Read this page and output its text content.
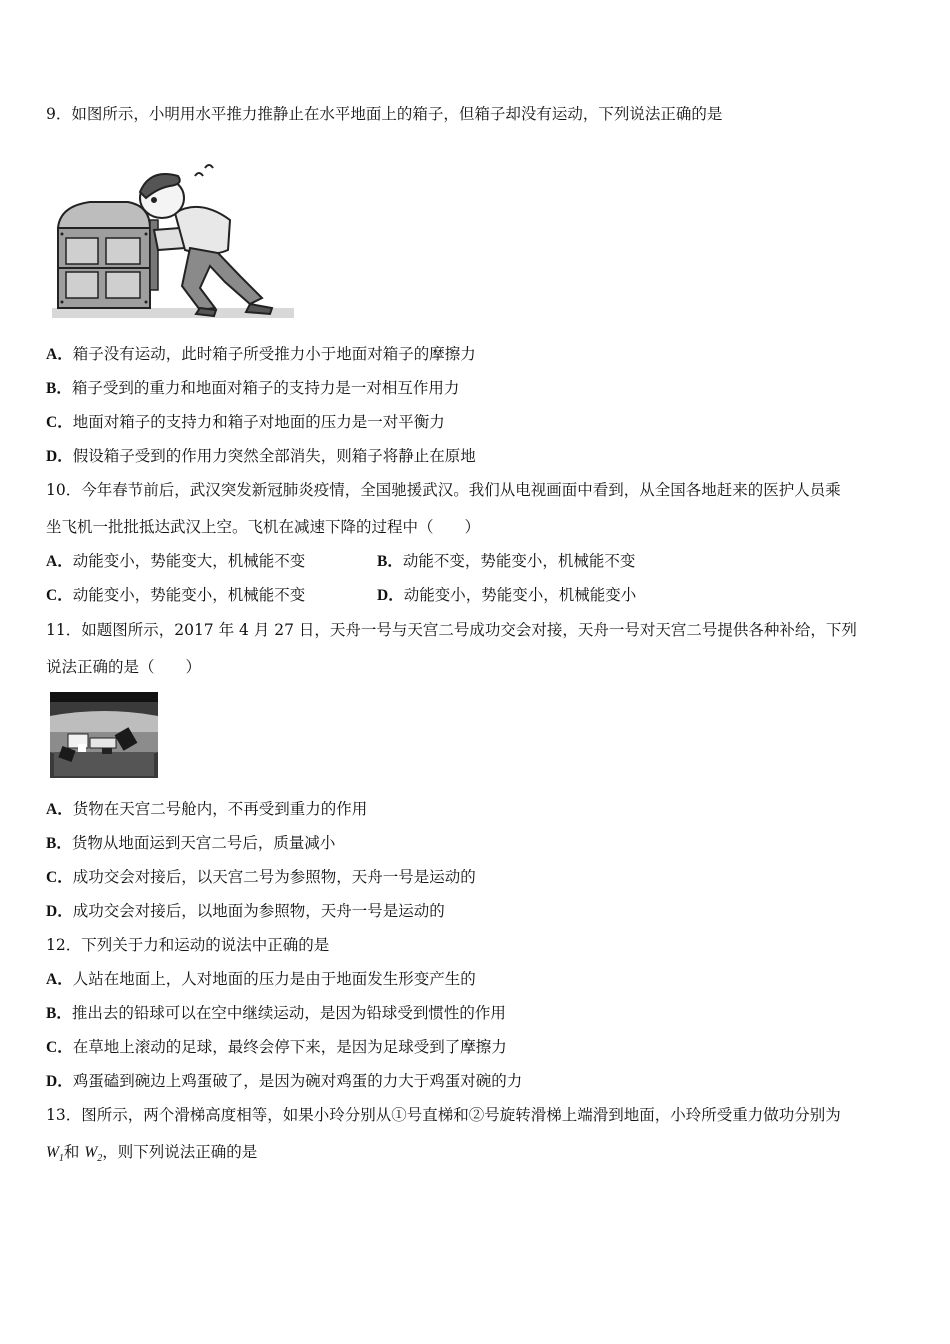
9．如图所示，小明用水平推力推静止在水平地面上的箱子，但箱子却没有运动，下列说法正确的是
A．箱子没有运动，此时箱子所受推力小于地面对箱子的摩擦力
B．箱子受到的重力和地面对箱子的支持力是一对相互作用力
C．地面对箱子的支持力和箱子对地面的压力是一对平衡力
D．假设箱子受到的作用力突然全部消失，则箱子将静止在原地
10．今年春节前后，武汉突发新冠肺炎疫情，全国驰援武汉。我们从电视画面中看到，从全国各地赶来的医护人员乘
坐飞机一批批抵达武汉上空。飞机在减速下降的过程中（　　）
A．动能变小，势能变大，机械能不变	B．动能不变，势能变小，机械能不变
C．动能变小，势能变小，机械能不变	D．动能变小，势能变小，机械能变小
11．如题图所示，2017 年 4 月 27 日，天舟一号与天宫二号成功交会对接，天舟一号对天宫二号提供各种补给，下列
说法正确的是（　　）
A．货物在天宫二号舱内，不再受到重力的作用
B．货物从地面运到天宫二号后，质量减小
C．成功交会对接后，以天宫二号为参照物，天舟一号是运动的
D．成功交会对接后，以地面为参照物，天舟一号是运动的
12．下列关于力和运动的说法中正确的是
A．人站在地面上，人对地面的压力是由于地面发生形变产生的
B．推出去的铅球可以在空中继续运动，是因为铅球受到惯性的作用
C．在草地上滚动的足球，最终会停下来，是因为足球受到了摩擦力
D．鸡蛋磕到碗边上鸡蛋破了，是因为碗对鸡蛋的力大于鸡蛋对碗的力
13．图所示，两个滑梯高度相等，如果小玲分别从①号直梯和②号旋转滑梯上端滑到地面，小玲所受重力做功分别为
$W_1$和 $W_2$，则下列说法正确的是
